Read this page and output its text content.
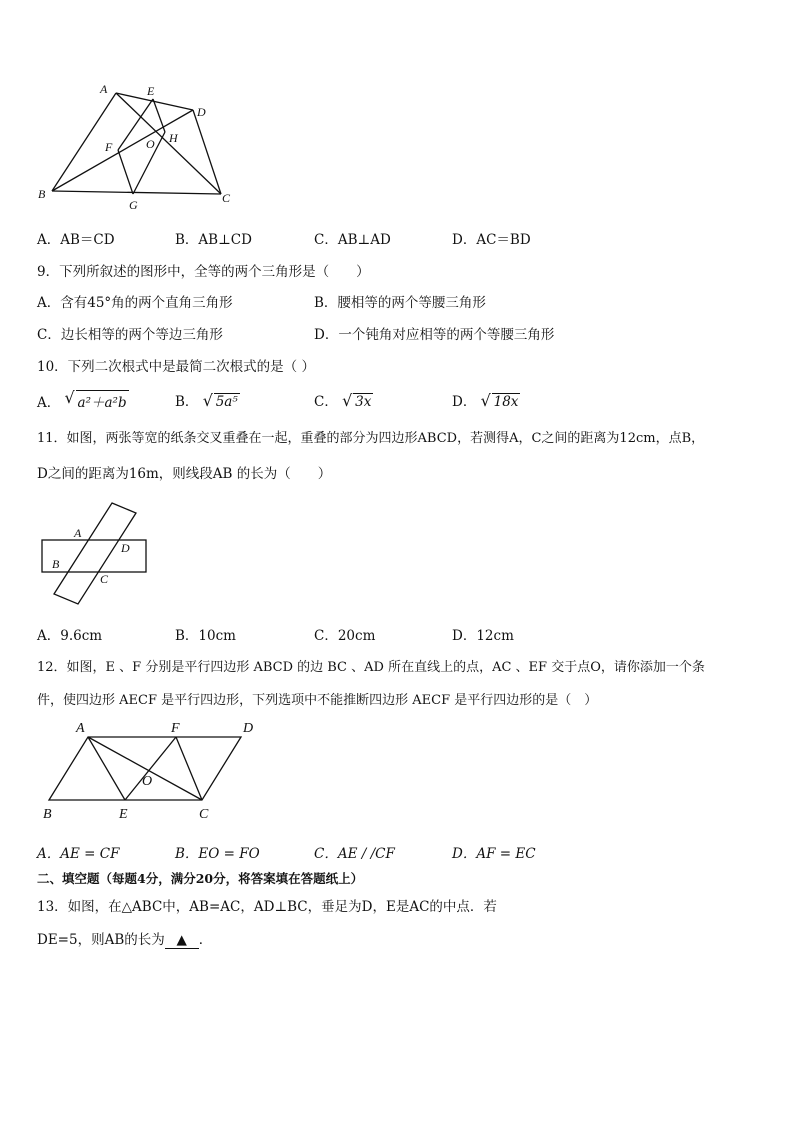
A	E
D
F	O H
B
G	C
A．AB＝CD	B．AB⊥CD	C．AB⊥AD	D．AC＝BD
9．下列所叙述的图形中，全等的两个三角形是（　　）
A．含有45°角的两个直角三角形	B．腰相等的两个等腰三角形
C．边长相等的两个等边三角形	D．一个钝角对应相等的两个等腰三角形
10．下列二次根式中是最简二次根式的是（ ）
A． √ a²＋a²b	B． √ 5a⁵	C． √ 3x	D． √ 18x
11．如图，两张等宽的纸条交叉重叠在一起，重叠的部分为四边形ABCD，若测得A，C之间的距离为12cm，点B，
D之间的距离为16m，则线段AB 的长为（　　）
A
D
B
C
A．9.6cm	B．10cm	C．20cm	D．12cm
12．如图，E 、F 分别是平行四边形 ABCD 的边 BC 、AD 所在直线上的点，AC 、EF 交于点O，请你添加一个条
件，使四边形 AECF 是平行四边形，下列选项中不能推断四边形 AECF 是平行四边形的是（　）
A	F	D
O
B	E	C
A．AE = CF	B．EO = FO	C．AE / /CF	D．AF = EC
二、填空题（每题4分，满分20分，将答案填在答题纸上）
13．如图，在△ABC中，AB=AC，AD⊥BC，垂足为D，E是AC的中点．若
DE=5，则AB的长为 ▲ ．
